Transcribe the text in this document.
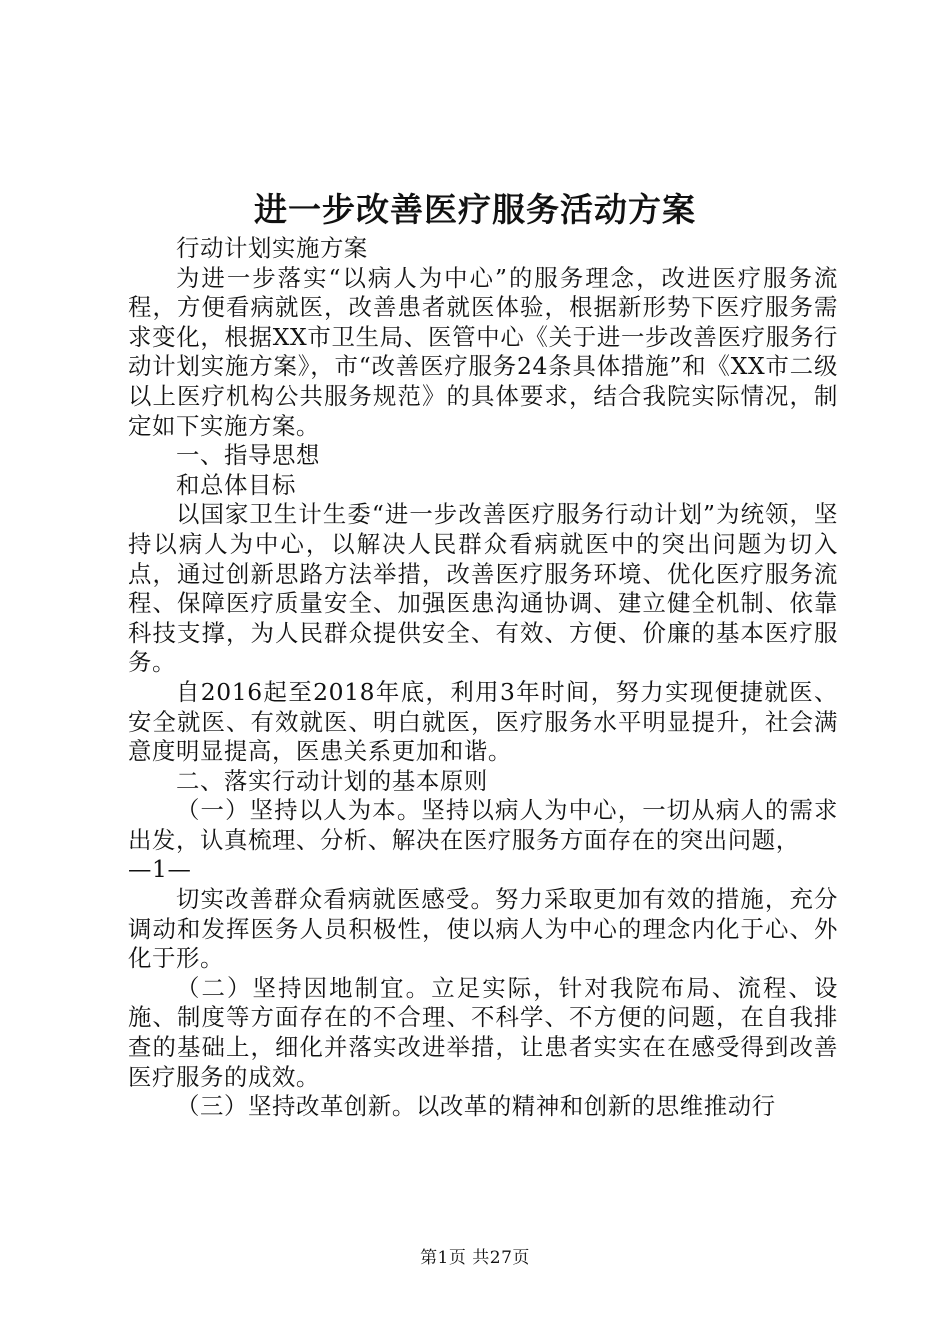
进一步改善医疗服务活动方案

行动计划实施方案

为进一步落实“以病人为中心”的服务理念，改进医疗服务流程，方便看病就医，改善患者就医体验，根据新形势下医疗服务需求变化，根据XX市卫生局、医管中心《关于进一步改善医疗服务行动计划实施方案》，市“改善医疗服务24条具体措施”和《XX市二级以上医疗机构公共服务规范》的具体要求，结合我院实际情况，制定如下实施方案。

一、指导思想

和总体目标

以国家卫生计生委“进一步改善医疗服务行动计划”为统领，坚持以病人为中心，以解决人民群众看病就医中的突出问题为切入点，通过创新思路方法举措，改善医疗服务环境、优化医疗服务流程、保障医疗质量安全、加强医患沟通协调、建立健全机制、依靠科技支撑，为人民群众提供安全、有效、方便、价廉的基本医疗服务。

自2016起至2018年底，利用3年时间，努力实现便捷就医、安全就医、有效就医、明白就医，医疗服务水平明显提升，社会满意度明显提高，医患关系更加和谐。

二、落实行动计划的基本原则

（一）坚持以人为本。坚持以病人为中心，一切从病人的需求出发，认真梳理、分析、解决在医疗服务方面存在的突出问题，

—1—

切实改善群众看病就医感受。努力采取更加有效的措施，充分调动和发挥医务人员积极性，使以病人为中心的理念内化于心、外化于形。

（二）坚持因地制宜。立足实际，针对我院布局、流程、设施、制度等方面存在的不合理、不科学、不方便的问题，在自我排查的基础上，细化并落实改进举措，让患者实实在在感受得到改善医疗服务的成效。

（三）坚持改革创新。以改革的精神和创新的思维推动行

第1页 共27页
